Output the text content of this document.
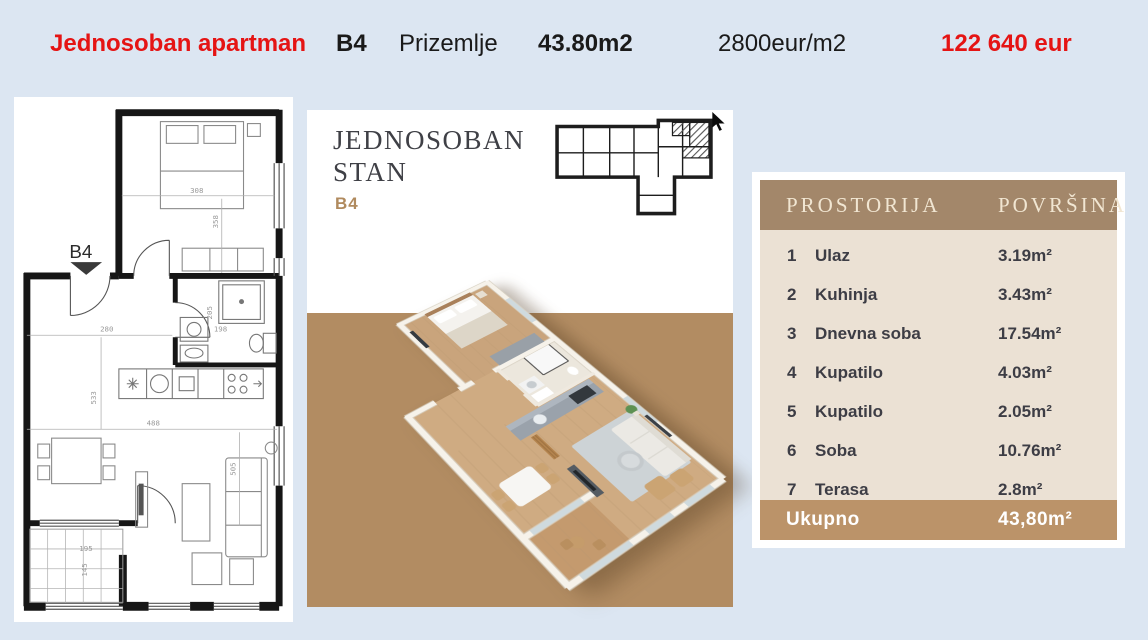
Jednosoban apartman B4 Prizemlje 43.80m2	2800eur/m2	122 640 eur
308
358
280
205
198
533
488
505
195
145
B4
JEDNOSOBAN
STAN
B4	PROSTORIJA	POVRŠINA
1 Ulaz	3.19m²
2 Kuhinja	3.43m²
3 Dnevna soba	17.54m²
4 Kupatilo	4.03m²
5 Kupatilo	2.05m²
6 Soba	10.76m²
7 Terasa	2.8m²
Ukupno	43,80m²
